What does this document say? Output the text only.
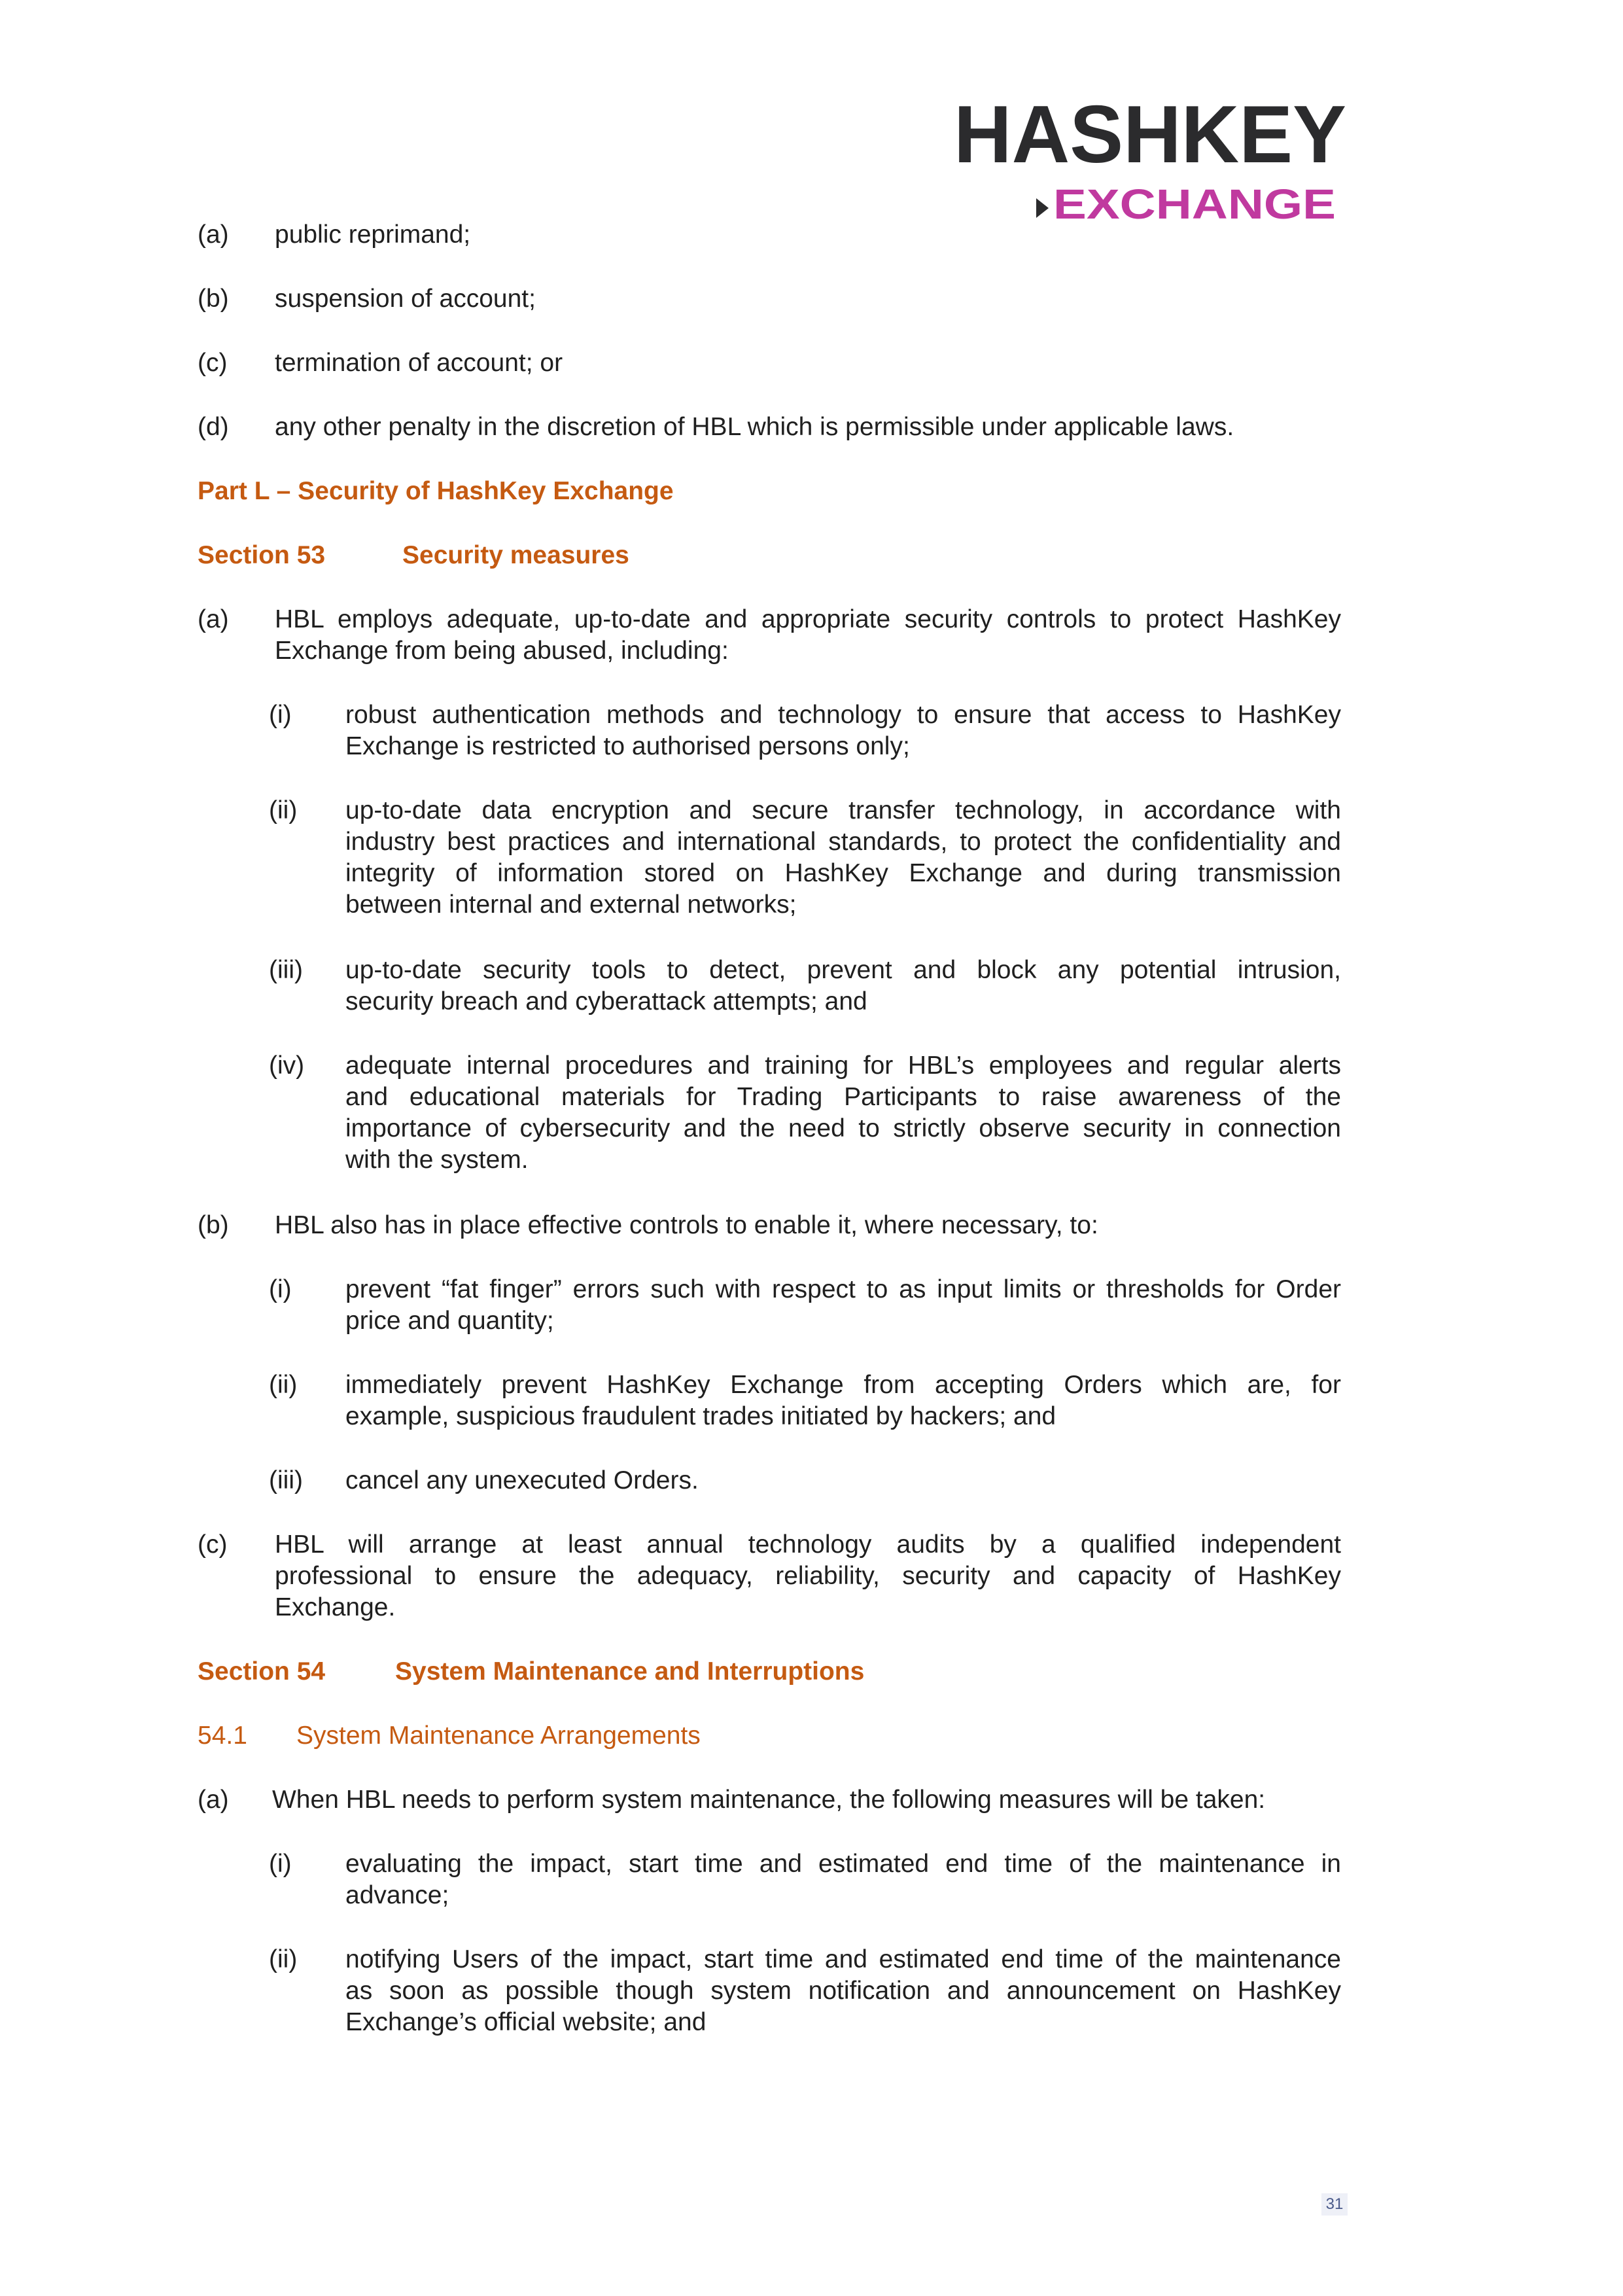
HASHKEY
EXCHANGE
(a) public reprimand;
(b) suspension of account;
(c) termination of account; or
(d) any other penalty in the discretion of HBL which is permissible under applicable laws.
Part L – Security of HashKey Exchange
Section 53	Security measures
(a) HBL employs adequate, up-to-date and appropriate security controls to protect HashKey
Exchange from being abused, including:
(i) robust authentication methods and technology to ensure that access to HashKey
Exchange is restricted to authorised persons only;
(ii) up-to-date data encryption and secure transfer technology, in accordance with
industry best practices and international standards, to protect the confidentiality and
integrity of information stored on HashKey Exchange and during transmission
between internal and external networks;
(iii) up-to-date security tools to detect, prevent and block any potential intrusion,
security breach and cyberattack attempts; and
(iv) adequate internal procedures and training for HBL’s employees and regular alerts
and educational materials for Trading Participants to raise awareness of the
importance of cybersecurity and the need to strictly observe security in connection
with the system.
(b) HBL also has in place effective controls to enable it, where necessary, to:
(i) prevent “fat finger” errors such with respect to as input limits or thresholds for Order
price and quantity;
(ii) immediately prevent HashKey Exchange from accepting Orders which are, for
example, suspicious fraudulent trades initiated by hackers; and
(iii) cancel any unexecuted Orders.
(c) HBL will arrange at least annual technology audits by a qualified independent
professional to ensure the adequacy, reliability, security and capacity of HashKey
Exchange.
Section 54	System Maintenance and Interruptions
54.1 System Maintenance Arrangements
(a) When HBL needs to perform system maintenance, the following measures will be taken:
(i) evaluating the impact, start time and estimated end time of the maintenance in
advance;
(ii) notifying Users of the impact, start time and estimated end time of the maintenance
as soon as possible though system notification and announcement on HashKey
Exchange’s official website; and
31
